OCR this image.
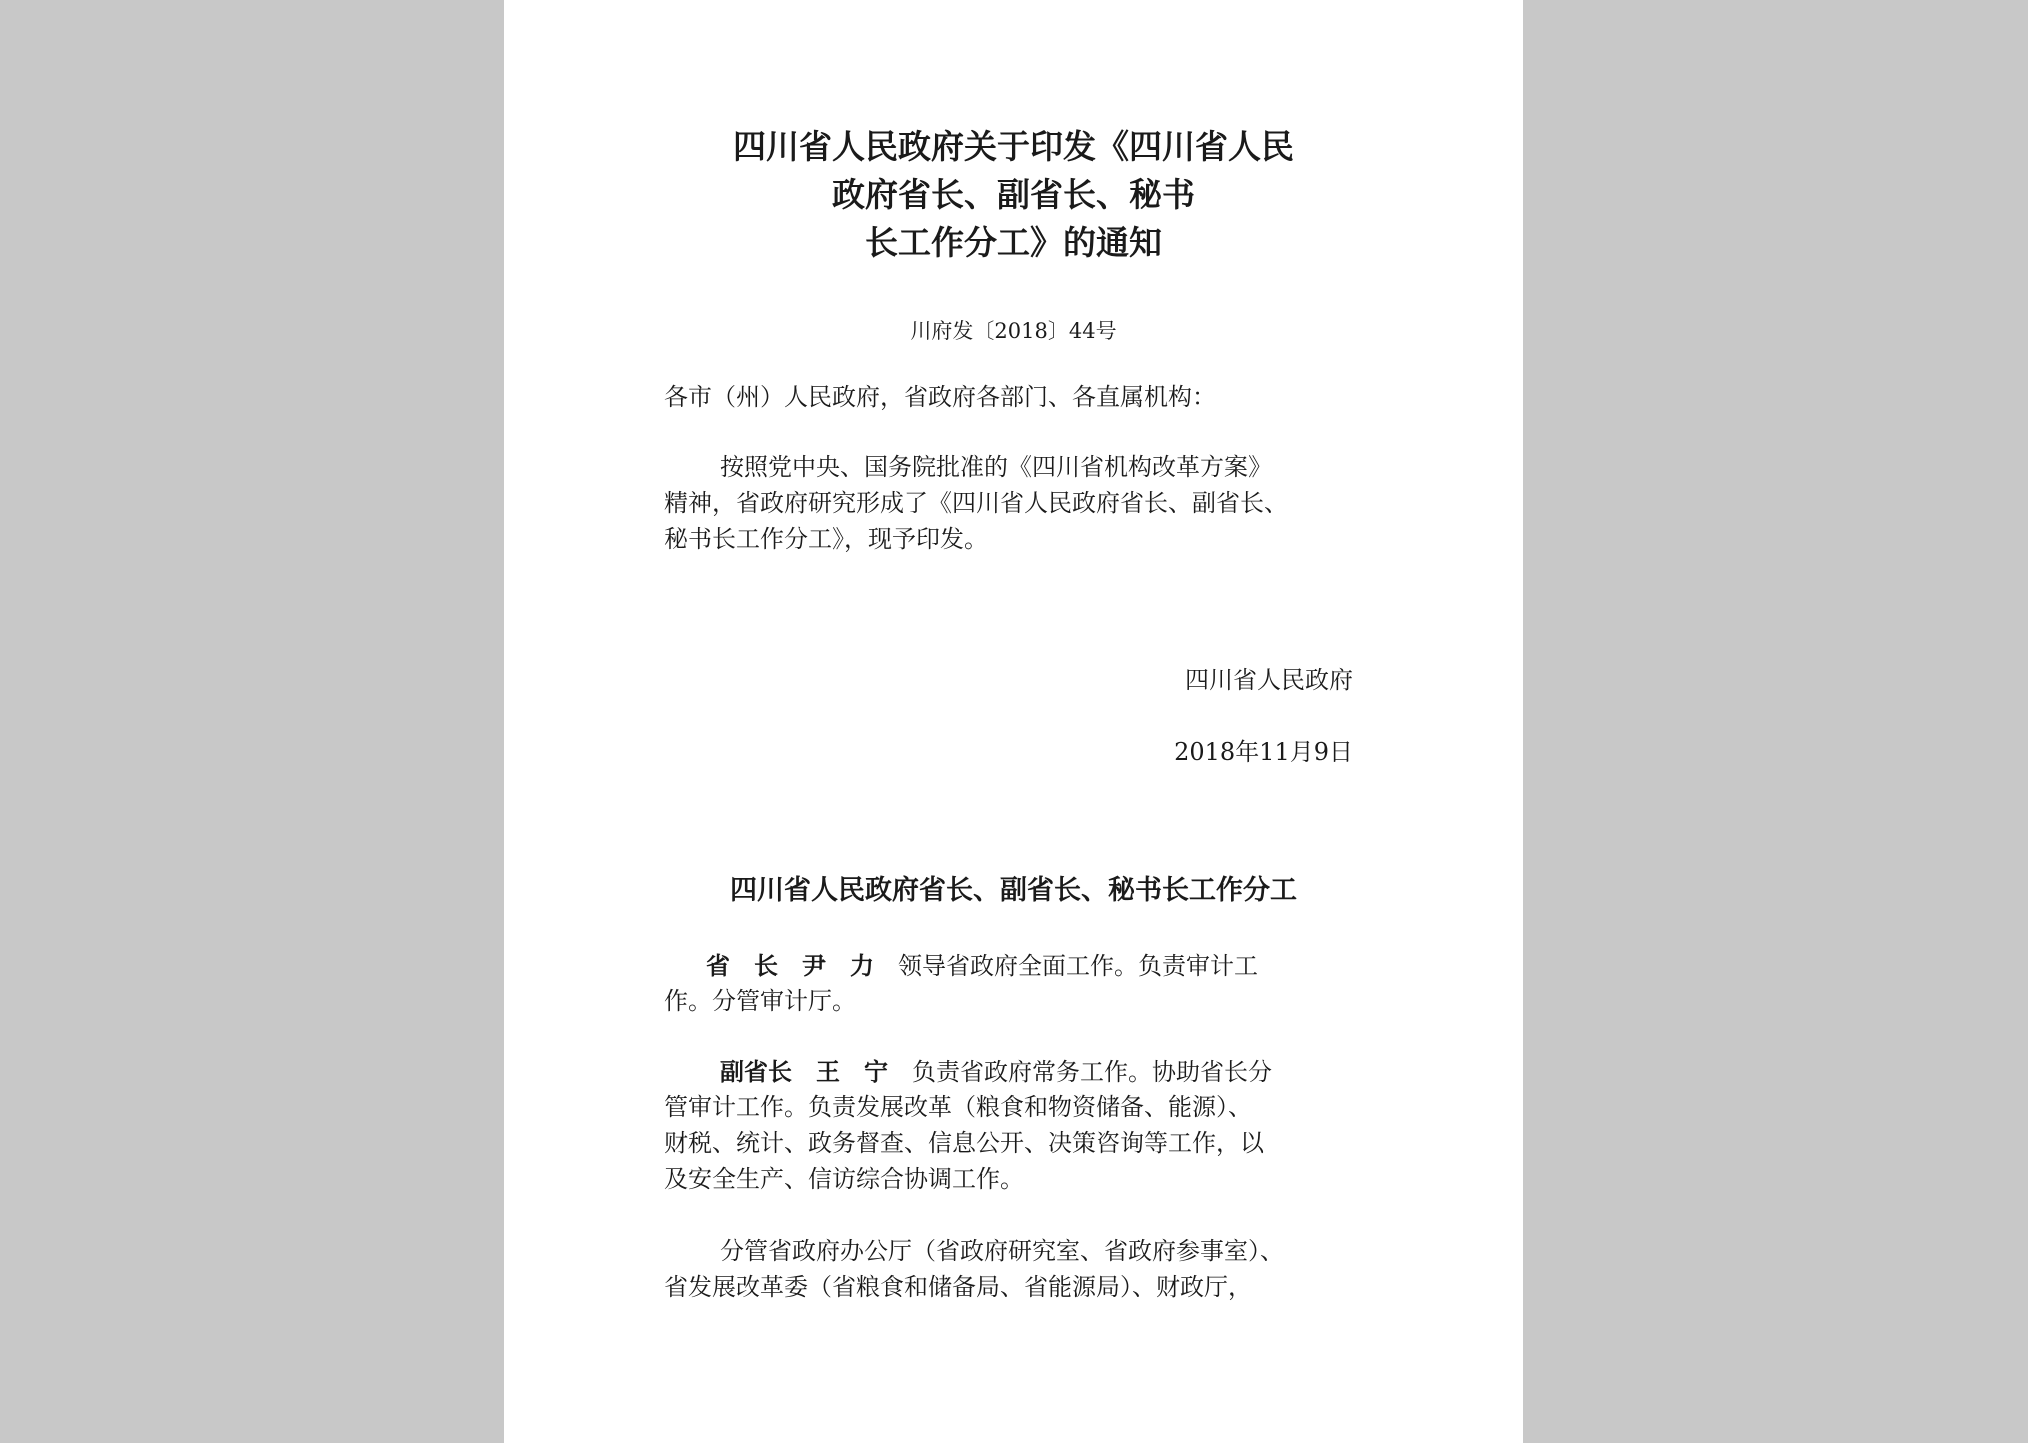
四川省人民政府关于印发《四川省人民
政府省长、副省长、秘书
长工作分工》的通知
川府发〔2018〕44号
各市（州）人民政府，省政府各部门、各直属机构：
按照党中央、国务院批准的《四川省机构改革方案》
精神，省政府研究形成了《四川省人民政府省长、副省长、
秘书长工作分工》，现予印发。
四川省人民政府
2018年11月9日
四川省人民政府省长、副省长、秘书长工作分工
省　长　 尹　力　 领导省政府全面工作。负责审计工
作。分管审计厅。
副省长　 王　宁　 负责省政府常务工作。协助省长分
管审计工作。负责发展改革（粮食和物资储备、能源）、
财税、统计、政务督查、信息公开、决策咨询等工作，以
及安全生产、信访综合协调工作。
分管省政府办公厅（省政府研究室、省政府参事室）、
省发展改革委（省粮食和储备局、省能源局）、财政厅，
